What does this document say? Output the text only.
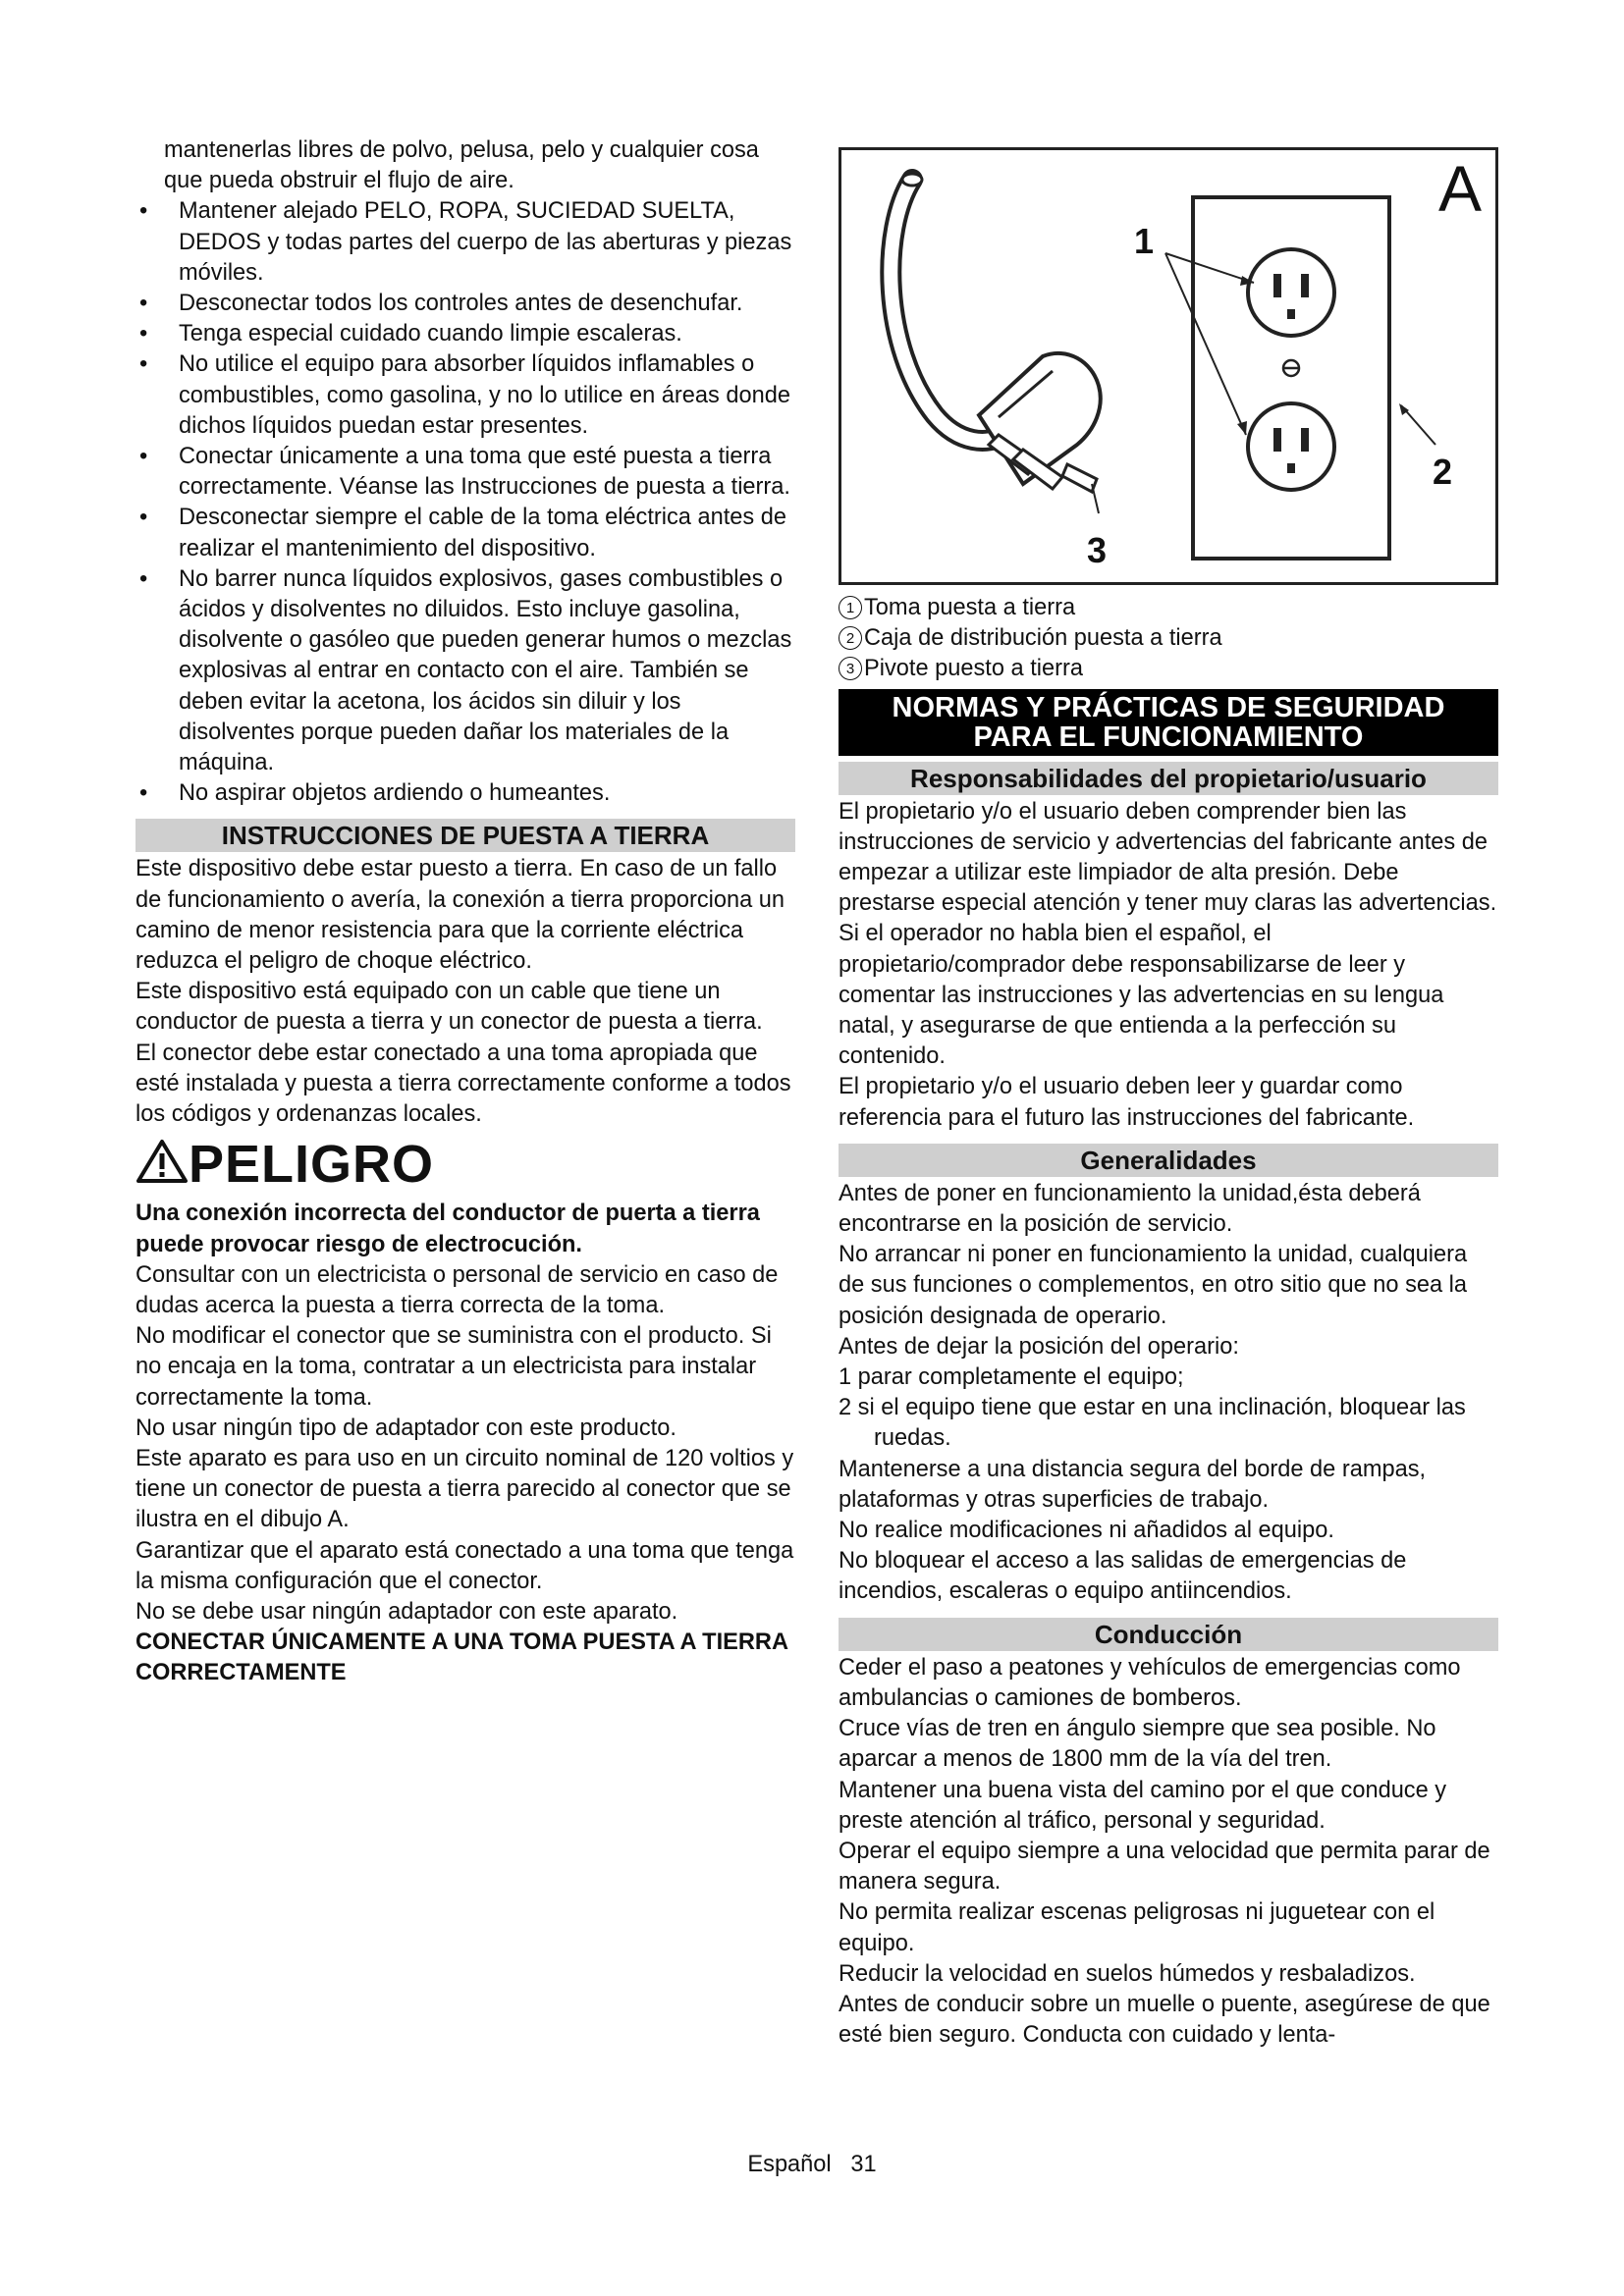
mantenerlas libres de polvo, pelusa, pelo y cualquier cosa que pueda obstruir el flujo de aire.

• Mantener alejado PELO, ROPA, SUCIEDAD SUELTA, DEDOS y todas partes del cuerpo de las aberturas y piezas móviles.
• Desconectar todos los controles antes de desenchufar.
• Tenga especial cuidado cuando limpie escaleras.
• No utilice el equipo para absorber líquidos inflamables o combustibles, como gasolina, y no lo utilice en áreas donde dichos líquidos puedan estar presentes.
• Conectar únicamente a una toma que esté puesta a tierra correctamente. Véanse las Instrucciones de puesta a tierra.
• Desconectar siempre el cable de la toma eléctrica antes de realizar el mantenimiento del dispositivo.
• No barrer nunca líquidos explosivos, gases combustibles o ácidos y disolventes no diluidos. Esto incluye gasolina, disolvente o gasóleo que pueden generar humos o mezclas explosivas al entrar en contacto con el aire. También se deben evitar la acetona, los ácidos sin diluir y los disolventes porque pueden dañar los materiales de la máquina.
• No aspirar objetos ardiendo o humeantes.
INSTRUCCIONES DE PUESTA A TIERRA

Este dispositivo debe estar puesto a tierra. En caso de un fallo de funcionamiento o avería, la conexión a tierra proporciona un camino de menor resistencia para que la corriente eléctrica reduzca el peligro de choque eléctrico.

Este dispositivo está equipado con un cable que tiene un conductor de puesta a tierra y un conector de puesta a tierra.

El conector debe estar conectado a una toma apropiada que esté instalada y puesta a tierra correctamente conforme a todos los códigos y ordenanzas locales.

PELIGRO

Una conexión incorrecta del conductor de puerta a tierra puede provocar riesgo de electrocución.

Consultar con un electricista o personal de servicio en caso de dudas acerca la puesta a tierra correcta de la toma.

No modificar el conector que se suministra con el producto. Si no encaja en la toma, contratar a un electricista para instalar correctamente la toma.

No usar ningún tipo de adaptador con este producto.

Este aparato es para uso en un circuito nominal de 120 voltios y tiene un conector de puesta a tierra parecido al conector que se ilustra en el dibujo A.

Garantizar que el aparato está conectado a una toma que tenga la misma configuración que el conector.

No se debe usar ningún adaptador con este aparato.

CONECTAR ÚNICAMENTE A UNA TOMA PUESTA A TIERRA CORRECTAMENTE

1
2
3
A
1 Toma puesta a tierra
2 Caja de distribución puesta a tierra
3 Pivote puesto a tierra
NORMAS Y PRÁCTICAS DE SEGURIDAD
PARA EL FUNCIONAMIENTO
Responsabilidades del propietario/usuario

El propietario y/o el usuario deben comprender bien las instrucciones de servicio y advertencias del fabricante antes de empezar a utilizar este limpiador de alta presión. Debe prestarse especial atención y tener muy claras las advertencias.

Si el operador no habla bien el español, el propietario/comprador debe responsabilizarse de leer y comentar las instrucciones y las advertencias en su lengua natal, y asegurarse de que entienda a la perfección su contenido.

El propietario y/o el usuario deben leer y guardar como referencia para el futuro las instrucciones del fabricante.

Generalidades

Antes de poner en funcionamiento la unidad,ésta deberá encontrarse en la posición de servicio.

No arrancar ni poner en funcionamiento la unidad, cualquiera de sus funciones o complementos, en otro sitio que no sea la posición designada de operario.

Antes de dejar la posición del operario:

1 parar completamente el equipo;

2 si el equipo tiene que estar en una inclinación, bloquear las ruedas.

Mantenerse a una distancia segura del borde de rampas, plataformas y otras superficies de trabajo.

No realice modificaciones ni añadidos al equipo.

No bloquear el acceso a las salidas de emergencias de incendios, escaleras o equipo antiincendios.

Conducción

Ceder el paso a peatones y vehículos de emergencias como ambulancias o camiones de bomberos.

Cruce vías de tren en ángulo siempre que sea posible. No aparcar a menos de 1800 mm de la vía del tren.

Mantener una buena vista del camino por el que conduce y preste atención al tráfico, personal y seguridad.

Operar el equipo siempre a una velocidad que permita parar de manera segura.

No permita realizar escenas peligrosas ni juguetear con el equipo.

Reducir la velocidad en suelos húmedos y resbaladizos.

Antes de conducir sobre un muelle o puente, asegúrese de que esté bien seguro. Conducta con cuidado y lenta-

Español 31
